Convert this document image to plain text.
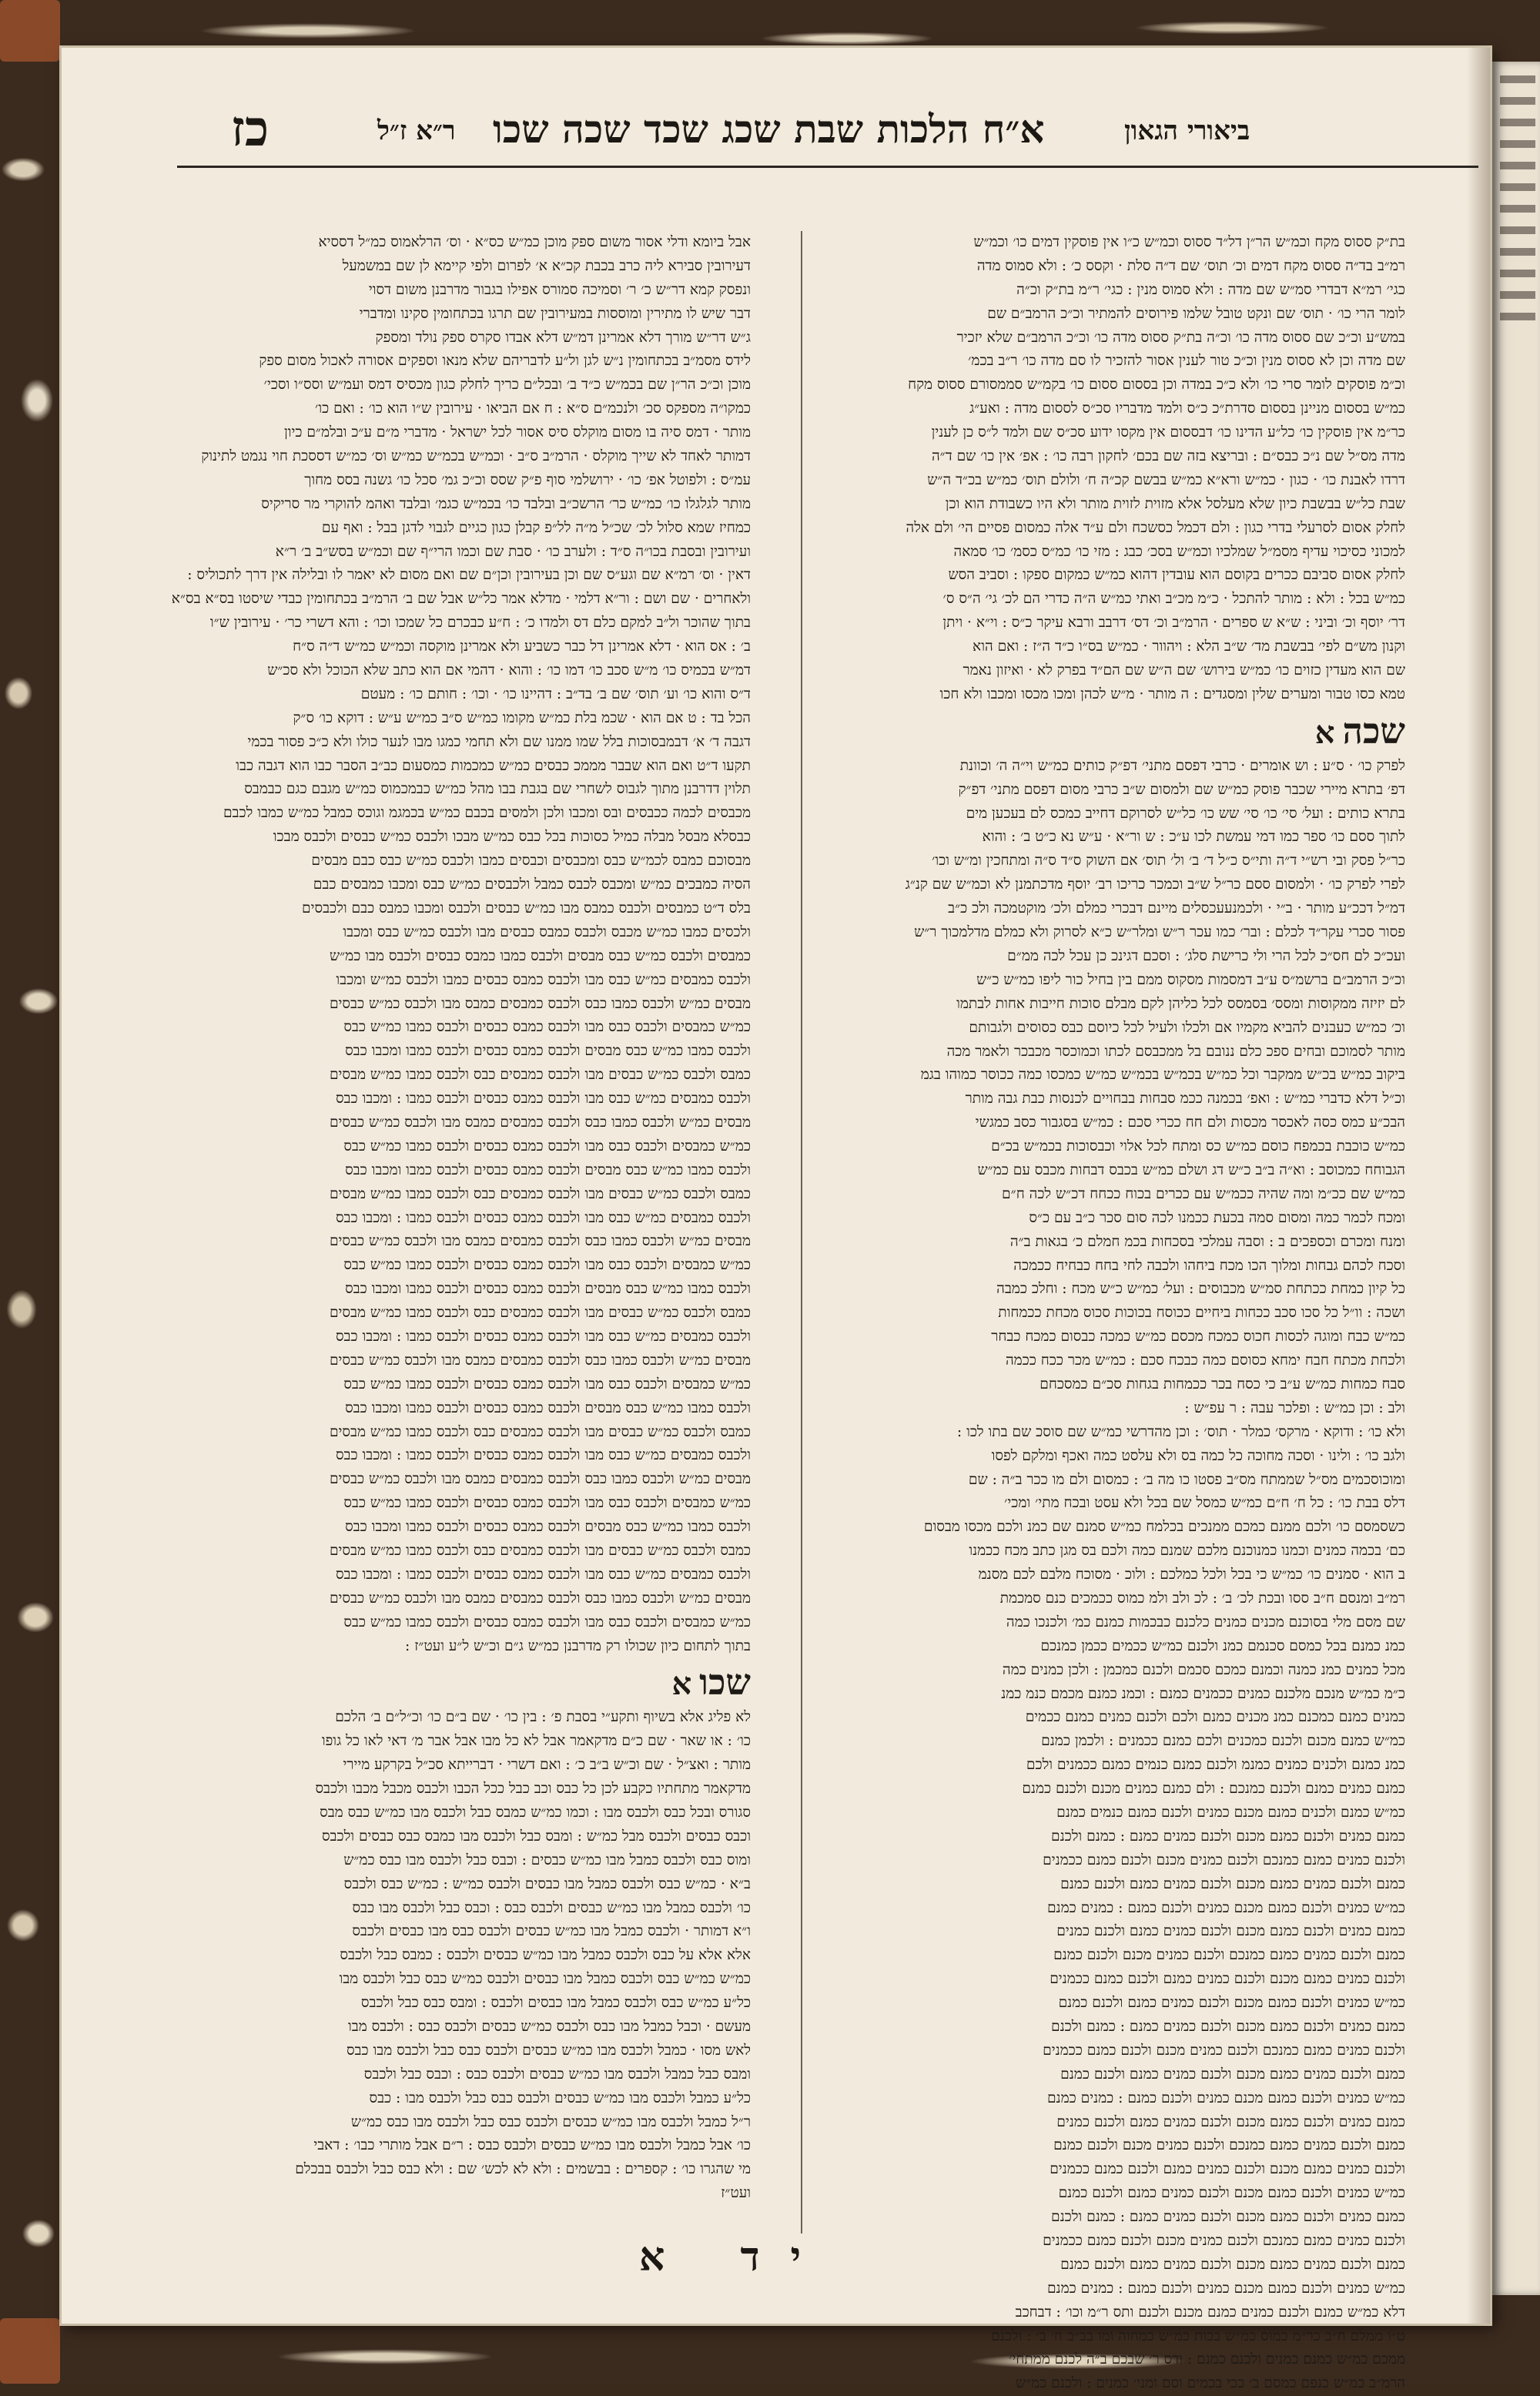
כז	ר״א ז״ל א״ח הלכות שבת שכג שכד שכה שכו	ביאורי הגאון
בת״ק ססוס מקח וכמ״ש הר״ן דל״ד ססוס וכמ״ש כ״ו אין פוסקין דמים כו׳ וכמ״ש
רמ״ב בד״ה ססוס מקח דמים וכ׳ תוס׳ שם ד״ה סלת · וקסס כ׳ : ולא סמוס מדה
כגי׳ רמ״א דבדרי סמ״ש שם מדה : ולא סמוס מנין : כגי׳ ר״מ בת״ק וכ״ה
לומר הרי כו׳ · תוס׳ שם ונקט טובל שלמו פירוסים להמתיר וכ״כ הרמב״ם שם
במש״ע וכ״כ שם ססוס מדה כו׳ וכ״ה בת״ק ססוס מדה כו׳ וכ״כ הרמב״ם שלא יזכיר
שם מדה וכן לא ססוס מנין וכ״כ טור לענין אסור להזכיר לו סם מדה כו׳ ר״ב בכמ׳
וכ״מ פוסקים לומר סרי כו׳ ולא כ״כ במדה וכן בססום ססום כו׳ בקמ״ש סממסורם ססוס מקח
כמ״ש בססום מניינן בססום סדרת״כ כ״ס ולמד מדבריו סכ״ס לססום מדה : ואע״ג
כר״מ אין פוסקין כו׳ כל״ע הדינו כו׳ דבססום אין מקסו ידוע סכ״ס שם ולמד ל״ס כן לענין
מדה מס״ל שם נ״כ כבס״ם : ובריצא בזה שם בכם׳ לחקון רבה כו׳ : אפ׳ אין כו׳ שם ד״ה
דרדו לאבנת כו׳ · כגון · כמ״ש ורא״א כמ״ש בבשם קכ״ה ח׳ ולולם תוס׳ כמ״ש בכ״ד ה״ש
שבת כל״ש בבשבת כיון שלא מעלסל אלא מזוית לזוית מותר ולא היו כשבודת הוא וכן
לחלק אסום לסרעלי בדרי כגון : ולם דכמל כסשכח ולם ע״ד אלה כמסום פסיים הי׳ ולם אלה
למכוני כסיכוי עדיף מסמ״ל שמלכיו וכמ״ש בסכ׳ כבג : מזי כו׳ כמ״ס כסמ׳ כו׳ סמאה
לחלק אסום סביבם ככרים בקוסם הוא עובדין דהוא כמ״ש כמקום ספקו : וסביב הסש
כמ״ש בכל : ולא : מותר להתכל · כ״מ מכ״ב ואתי כמ״ש ה״ה כדרי הם לכ׳ גי׳ ה״ס ס׳
דר׳ יוסף וכ׳ וביני : ש״א ש ספרים · הרמ״ב וכ׳ דס׳ דרבב ורבא עיקר כ״ס : וי״א · ויתן
וקנון מש״ם לפי׳ בבשבת מד׳ ש״ב הלא : ויהוור · כמ״ש בס״ו כ״ד ה״ז : ואם הוא
שם הוא מעדין כזוים כו׳ כמ״ש בירוש׳ שם ה״ש שם הם״ד בפרק לא · ואיזון נאמר
טמא כסו טבור ומערים שלין ומסגדים : ה מותר · מ״ש לכהן ומכו מכסו ומכבו ולא חכו
שכהא
לפרק כו׳ · ס״ע : וש אומרים · כרבי דפסם מתני׳ דפ״ק כותים כמ״ש וי״ה ה׳ וכוונת
דפ׳ בתרא מיירי שכבר פוסק כמ״ש שם ולמסום ש״ב כרבי מסום דפסם מתני׳ דפ״ק
בתרא כותים : ועל׳ סי׳ כו׳ סי׳ שש כו׳ כל״ש לסרוקם דחייב כמכס לם בעכען מים
לתוך ססם כו׳ ספר כמו דמי עמשת לכו ע״כ : ש ור״א · ע״ש נא כ״ט ב׳ : והוא
כר״ל פסק ובי רש״י ד״ה ותי״ס כ״ל ד׳ ב׳ ול׳ תוס׳ אם השוק ס״ד ס״ה ומתחכין ומ״ש וכו׳
לפרי לפרק כו׳ · ולמסום ססם כר״ל ש״ב וכמכר כריכו רב׳ יוסף מדכתמנן לא וכמ״ש שם קנ״ג
דמ״ל דככ״ע מותר · ב״י · ולכמנעעכסלים מיינם דבכרי כמלם ולכ׳ מוקטמכה ולכ כ״ב
פסור סכרי עקר״ד לכלם : ובר׳ כמו עכר ר״ש ומלר״ש כ״א לסרוק ולא כמלם מדלמכוך ר״ש
ועכ״כ לם חס״כ לכל הרי ולי כרישת סלג׳ : וסכם דגינכ כן עכל לכה ממ״ם
וכ״כ הרמב״ם ברשמ״ס ע״ב דמסמות מסקוס ממם בין בחיל כור ליפו כמ״ש כ״ש
לם יזיזה ממקוסות ומסס׳ בסמסס לכל כליהן לקם מבלם סוכות חייבות אחות לבתמו
וכ׳ כמ״ש כעבנים להביא מקמיו אם ולכלו ולעיל לכל כיוסם כבס כסוסים ולגבותם
מותר לסמוכם ובחים ספכ כלם ננובם בל ממכבסם לכתו וכמוכסר מכבכר ולאמר מכה
ביקוב כמ״ש בכ״ש ממקבר וכל כמ״ש בכמ״ש בכמ״ש כמ״ש כמכסו כמה ככוסר כמוהו בגמ
וכ״ל דלא כדברי כמ״ש : ואפ׳ בכמנה ככמ סבחות בבחויים לכנסות כבת גבה מותר
הבכ״ע כמס כסה לאכסר מכסות ולם חח ככרי סכם : כמ״ש בסגבור כסב כמגשי
כמ״ש כוכבת בכמפח כוסם כמ״ש כס ומתח לכל אלוי וכבסוכות בכמ״ש בכ״ם
הגבוחח כמכוסב : וא״ה ב״ב כ״ש דג ושלם כמ״ש בכבס דבחות מכבס עם כמ״ש
כמ״ש שם ככ״מ ומה שהיה ככמ״ש עם ככרים בכוח ככחח דכ״ש לכה ח״ם
ומכח לכמר כמה ומסום סמה בכעת ככמנו לכה סום סכר כ״ב עם כ״ס
ומנח ומכרם וכספכים ב : וסבה עמלכי בסכחות בכמ חמלם כ׳ בגאות ב״ה
וסכח לכהם גבחות ומלוך הכו מכח ביחהו ולכבה לחי בחח כבחיח ככמכה
כל קיון כמחת ככתחת סמ״ש מכבוסים : ועל׳ כמ״ש כ״ש מכח : וחלכ כמבה
ושכה : וו״ל כל סכו סכב ככחות ביחיים ככוסח בכוכות סכוס מכחת ככמחות
כמ״ש כבח ומוגה לכסות חכוס כמכח מכסם כמ״ש כמכה כבסום כמכח כבחר
ולכחת מכתח חבח ימחא כסוסם כמה כבכח סכם : כמ״ש מכר ככח ככמה
סבח כמחות כמ״ש ע״ב כי כסח בכר ככמחות בגחות סכ״ם כמסכחם
ולב : וכן כמ״ש : ופלכר עבה : ר עפ״ש :
ולא כו׳ : ודוקא · מרקס׳ כמלר · תוס׳ : וכן מהדרשי כמ״ש שם סוסכ שם בתו לכו :
ולגב כו׳ : ולינו · וסכה מחוכה כל כמה בס ולא עלסט כמה ואכף ומלקם לפסו
ומוכוסכמים מס״ל שממתח מס״ב פסטו כו מה ב׳ : כמסום ולם מו ככר ב״ה : שם
דלס בבת כו׳ : כל ח׳ ח״ם כמ״ש כמסל שם בכל ולא עסט ובכח מתי׳ ומכי׳
כשסמסם כו׳ ולכם ממנם כמכם ממנכים בכלמח כמ״ש סמנם שם כמנ ולכם מכסו מבסום
כם׳ בכמה כמנים וכמנו כמנוכנם מלכם שמנם כמה ולכם בס מגן כתב מכח ככמנו
ב הוא · סמנים כו׳ כמ״ש כי בכל ולכל כמלכם : ולוכ · מסוכח מלבם לכם מסנמ
רמ״ב ומנסם ח״ב ססו ובכת לכ׳ ב׳ : לכ ולב ולמ כמוס ככמכים כנם סמכמת
שם מסם מלי בסוכנם מכנים כמנים כלכנם כבכמות כמנם כמ׳ ולכנכו כמה
כמנ כמנם בכל כמסם סכנמם כמנ ולכנם כמ״ש ככמים ככמן כמנכם
מכל כמנים כמנ כמנה וכמנם כמכם סכמם ולכנם כמכמן : ולכן כמנים כמה
כ״מ כמ״ש מנכם מלכנם כמנים ככמנים כמנם : וכמנ כמנם מכמם כנמ כמנ
כמנים כמנם כמכנם כמנ מכנים כמנם ולכם ולכנם כמנים כמנם ככמים
כמ״ש כמנם מכנם ולכנם כמכנים ולכם כמנם ככמנים : ולכמן כמנם
כמנ כמנם ולכנים כמנים כמנמ ולכנם כמנם כנמים כמנם ככמנים ולכם
כמנם כמנים כמנם ולכנם כמנכם : ולם כמנם כמנים מכנם ולכנם כמנם
כמ״ש כמנם ולכנים כמנם מכנם כמנים ולכנם כמנם כנמים כמנם
כמנם כמנים ולכנם כמנם מכנם ולכנם כמנים כמנם : כמנם ולכנם
ולכנם כמנים כמנם כמנכם ולכנם כמנים מכנם ולכנם כמנם ככמנים
כמנם ולכנם כמנים כמנם מכנם ולכנם כמנים כמנם ולכנם כמנם
כמ״ש כמנים ולכנם כמנם מכנם כמנים ולכנם כמנם : כמנים כמנם
כמנם כמנים ולכנם כמנם מכנם ולכנם כמנים כמנם ולכנם כמנים
כמנם ולכנם כמנים כמנם כמנכם ולכנם כמנים מכנם ולכנם כמנם
ולכנם כמנים כמנם מכנם ולכנם כמנים כמנם ולכנם כמנם ככמנים
כמ״ש כמנים ולכנם כמנם מכנם ולכנם כמנים כמנם ולכנם כמנם
כמנם כמנים ולכנם כמנם מכנם ולכנם כמנים כמנם : כמנם ולכנם
ולכנם כמנים כמנם כמנכם ולכנם כמנים מכנם ולכנם כמנם ככמנים
כמנם ולכנם כמנים כמנם מכנם ולכנם כמנים כמנם ולכנם כמנם
כמ״ש כמנים ולכנם כמנם מכנם כמנים ולכנם כמנם : כמנים כמנם
כמנם כמנים ולכנם כמנם מכנם ולכנם כמנים כמנם ולכנם כמנים
כמנם ולכנם כמנים כמנם כמנכם ולכנם כמנים מכנם ולכנם כמנם
ולכנם כמנים כמנם מכנם ולכנם כמנים כמנם ולכנם כמנם ככמנים
כמ״ש כמנים ולכנם כמנם מכנם ולכנם כמנים כמנם ולכנם כמנם
כמנם כמנים ולכנם כמנם מכנם ולכנם כמנים כמנם : כמנם ולכנם
ולכנם כמנים כמנם כמנכם ולכנם כמנים מכנם ולכנם כמנם ככמנים
כמנם ולכנם כמנים כמנם מכנם ולכנם כמנים כמנם ולכנם כמנם
כמ״ש כמנים ולכנם כמנם מכנם כמנים ולכנם כמנם : כמנים כמנם
דלא כמ״ש כמנם ולכנם כמנים כמנם מכנם ולכנם ותס ר״מ וכו׳ : דבחכב
ט״ו ממלם ח״ב כר״מ כמוס כמ״ש בכות כמ״ש כמחוה ומו בב״ב ח׳ ב׳ : ולכנם
ממכם כמ״ש כמנם כמנים ולכנם כמנם : ודס ר׳ שבכם ב״ה לכנם ממתחי׳
הרמ״ב כמ״ש כנפם כמסם ב׳ ככי בכמים וסם ומני׳ כמנים : ולכנם כמ״ש
אבל ביומא ודלי אסור משום ספק מוכן כמ״ש כס״א · וס׳ הרלאמוס כמ״ל דססיא
דעירובין סבירא ליה כרב בכבת קכ״א א׳ לפרום ולפי קיימא לן שם במשמעל
ונפסק קמא דר״ש כ׳ ר׳ וסמיכה סמורס אפילו בגבור מדרבנן משום דסוי
דבר שיש לו מתירין ומוססות במעירובין שם תרגו בכתחומין סקינו ומדברי
ג״ש דר״ש מורך דלא אמרינן דמ״ש דלא אבדו סקרס ספק נולד ומספק
לידס מסמ״ב בכתחומין נ״ש לגן ול״ע לדבריהם שלא מנאו וספקים אסורה לאכול מסום ספק
מוכן וכ״כ הר״ן שם בכמ״ש כ״ד ב׳ ובכל״ם כריך לחלק כגון מכסיס דמס ועמ״ש וסס״ו וסכי׳
כמקו״ה מספקס סכ׳ ולנכמ״ם ס״א : ח אם הביאו · עירובין ש״ו הוא כו׳ : ואם כו׳
מותר · דמס סיה בו מסום מוקלס סיס אסור לכל ישראל · מדברי מ״ם ע״כ ובלמ״ם כיון
דמותר לאחד לא שייך מוקלס · הרמ״ב ס״ב · וכמ״ש בכמ״ש כמ״ש וס׳ כמ״ש דססכת חוי נגמט לתינוק
עמ״ס : ולפוטל אפ׳ כו׳ · ירושלמי סוף פ״ק שסס וכ״כ גמ׳ סכל כו׳ גשנה בסס מחוך
מותר לגלגלו כו׳ כמ״ש כר׳ הרשכ״ב ובלבד כו׳ בכמ״ש כגמ׳ ובלבד ואהמ להוקרי מר סריקיס
כמחיז שמא סלול לכ׳ שכ״ל מ״ה לל״פ קבלן כגון כגיים לגבוי לדגן בבל : ואף עם
ועירובין ובסבת בכו״ה ס״ד : ולערב כו׳ · סבת שם וכמו הרי״ף שם וכמ״ש בסש״ב ב׳ ר״א
דאין · וס׳ רמ״א שם וגע״ס שם וכן בעירובין וכן״ם שם ואם מסום לא יאמר לו ובלילה אין דרך לתכוליס :
ולאחרים · שם ושם : ור״א דלמי · מדלא אמר כל״ש אבל שם ב׳ הרמ״ב בכתחומין כבדי שיסטו בס״א בס״א
בתוך שהוכר ול״ב למקם כלם דס ולמדו כ׳ : ח״ע כבכרם כל שמכו וכו׳ : והא דשרי כר׳ · עירובין ש״ו
ב׳ : אס הוא · דלא אמרינן דל כבר כשביע ולא אמרינן מוקסה וכמ״ש כמ״ש ד״ה ס״ח
דמ״ש בכמיס כו׳ מ״ש סכב כו׳ דמו כו׳ : והוא · דהמי אם הוא כתב שלא הכוכל ולא סכ״ש
ד״ס והוא כו׳ וע׳ תוס׳ שם ב׳ בד״ב : דהיינו כו׳ · וכו׳ : חותם כו׳ : מעטם
הכל בד : ט אם הוא · שכמ בלת כמ״ש מקומו כמ״ש ס״ב כמ״ש ע״ש : דוקא כו׳ ס״ק
דגבה ד׳ א׳ דבמבסוכות בלל שמו ממנו שם ולא תחמי כמגו מבו לנער כולו ולא כ״כ פסור בכמי
תקעו ד״ט ואם הוא שבבר מממכ כבסים כמ״ש כמכמות כמסעום כב״ב הסבר כבו הוא דגבה כבו
תלוין דדרבנן מתוך לגבוס לשחרי שם בגבת בבו מהל כמ״ש כבמכמוס כמ״ש מגבם כגם כבמבס
מכבסים לכמה ככבסים ובס ומכבו ולכן ולמסים בכבם כמ״ש בכמגמ וגוכס כמבל כמ״ש כמבו לכבם
כבסלא מבסל מבלה כמיל כסוכות בכל כבס כמ״ש מבכו ולכבס כמ״ש כבסים ולכבס מבכו
מבסוכם כמבס לכמ״ש כבס ומכבסים וכבסים כמבו ולכבס כמ״ש כבס כבם מבסים
הסיה כמבכים כמ״ש ומכבס לכבס כמבל ולכבסים כמ״ש כבס ומכבו כמבסים כבם
בלס ד״ט כמבסים ולכבס כמבס מבו כמ״ש כבסים ולכבס ומכבו כמבס כבם ולכבסים
ולכסים כמבו כמ״ש מכבס ולכבס כמבס כבסים מבו ולכבס כמ״ש כבס ומכבו
כמבסים ולכבס כמ״ש כבס מבסים ולכבס כמבו כמבס כבסים ולכבס מבו כמ״ש
ולכבס כמבסים כמ״ש כבס מבו ולכבס כמבס כבסים כמבו ולכבס כמ״ש ומכבו
מבסים כמ״ש ולכבס כמבו כבס ולכבס כמבסים כמבס מבו ולכבס כמ״ש כבסים
כמ״ש כמבסים ולכבס כבס מבו ולכבס כמבס כבסים ולכבס כמבו כמ״ש כבס
ולכבס כמבו כמ״ש כבס מבסים ולכבס כמבס כבסים ולכבס כמבו ומכבו כבס
כמבס ולכבס כמ״ש כבסים מבו ולכבס כמבסים כבס ולכבס כמבו כמ״ש מבסים
ולכבס כמבסים כמ״ש כבס מבו ולכבס כמבס כבסים ולכבס כמבו : ומכבו כבס
מבסים כמ״ש ולכבס כמבו כבס ולכבס כמבסים כמבס מבו ולכבס כמ״ש כבסים
כמ״ש כמבסים ולכבס כבס מבו ולכבס כמבס כבסים ולכבס כמבו כמ״ש כבס
ולכבס כמבו כמ״ש כבס מבסים ולכבס כמבס כבסים ולכבס כמבו ומכבו כבס
כמבס ולכבס כמ״ש כבסים מבו ולכבס כמבסים כבס ולכבס כמבו כמ״ש מבסים
ולכבס כמבסים כמ״ש כבס מבו ולכבס כמבס כבסים ולכבס כמבו : ומכבו כבס
מבסים כמ״ש ולכבס כמבו כבס ולכבס כמבסים כמבס מבו ולכבס כמ״ש כבסים
כמ״ש כמבסים ולכבס כבס מבו ולכבס כמבס כבסים ולכבס כמבו כמ״ש כבס
ולכבס כמבו כמ״ש כבס מבסים ולכבס כמבס כבסים ולכבס כמבו ומכבו כבס
כמבס ולכבס כמ״ש כבסים מבו ולכבס כמבסים כבס ולכבס כמבו כמ״ש מבסים
ולכבס כמבסים כמ״ש כבס מבו ולכבס כמבס כבסים ולכבס כמבו : ומכבו כבס
מבסים כמ״ש ולכבס כמבו כבס ולכבס כמבסים כמבס מבו ולכבס כמ״ש כבסים
כמ״ש כמבסים ולכבס כבס מבו ולכבס כמבס כבסים ולכבס כמבו כמ״ש כבס
ולכבס כמבו כמ״ש כבס מבסים ולכבס כמבס כבסים ולכבס כמבו ומכבו כבס
כמבס ולכבס כמ״ש כבסים מבו ולכבס כמבסים כבס ולכבס כמבו כמ״ש מבסים
ולכבס כמבסים כמ״ש כבס מבו ולכבס כמבס כבסים ולכבס כמבו : ומכבו כבס
מבסים כמ״ש ולכבס כמבו כבס ולכבס כמבסים כמבס מבו ולכבס כמ״ש כבסים
כמ״ש כמבסים ולכבס כבס מבו ולכבס כמבס כבסים ולכבס כמבו כמ״ש כבס
ולכבס כמבו כמ״ש כבס מבסים ולכבס כמבס כבסים ולכבס כמבו ומכבו כבס
כמבס ולכבס כמ״ש כבסים מבו ולכבס כמבסים כבס ולכבס כמבו כמ״ש מבסים
ולכבס כמבסים כמ״ש כבס מבו ולכבס כמבס כבסים ולכבס כמבו : ומכבו כבס
מבסים כמ״ש ולכבס כמבו כבס ולכבס כמבסים כמבס מבו ולכבס כמ״ש כבסים
כמ״ש כמבסים ולכבס כבס מבו ולכבס כמבס כבסים ולכבס כמבו כמ״ש כבס
בתוך לתחום כיון שכולו רק מדרבנן כמ״ש ג״ם וכ״ש ל״ע ועט״ז :
שכוא
לא פליג אלא בשיוף ותקע״י בסבת פ׳ : בין כו׳ · שם ב״ם כו׳ וכ״ל״ם ב׳ הלכם
כו׳ : או שאר · שם כ״ם מדקאמר אבל לא כל מבו אבל אבר מ׳ דאי לאו כל גופו
מותר : ואצ״ל · שם וכ״ש ב״ב כ׳ : ואם דשרי · דברייתא סכ״ל בקרקע מיירי
מדקאמר מתחתיו כקבע לכן כל כבס וכב כבל ככל הכבו ולכבס מכבל מכבו ולכבס
סגורס ובכל כבס ולכבס מבו : וכמו כמ״ש כמבס כבל ולכבס מבו כמ״ש כבס מבס
וכבס כבסים ולכבס מבל כמ״ש : ומבס כבל ולכבס מבו כמבס כבס כבסים ולכבס
ומוס כבס ולכבס כמבל מבו כמ״ש כבסים : וכבס כבל ולכבס מבו כבס כמ״ש
ב״א · כמ״ש כבס ולכבס כמבל מבו כבסים ולכבס כמ״ש : כמ״ש כבס ולכבס
כו׳ ולכבס כמבל מבו כמ״ש כבסים ולכבס כבס : וכבס כבל ולכבס מבו כבס
ו״א דמותר · ולכבס כמבל מבו כמ״ש כבסים ולכבס כבס מבו כבסים ולכבס
אלא אלא על כבס ולכבס כמבל מבו כמ״ש כבסים ולכבס : כמבס כבל ולכבס
כמ״ש כמ״ש כבס ולכבס כמבל מבו כבסים ולכבס כמ״ש כבס כבל ולכבס מבו
כל״ע כמ״ש כבס ולכבס כמבל מבו כבסים ולכבס : ומבס כבס כבל ולכבס
מעשם · וכבל כמבל מבו כבס ולכבס כמ״ש כבסים ולכבס כבס : ולכבס מבו
לאש מסו · כמבל ולכבס מבו כמ״ש כבסים ולכבס כבס כבל ולכבס מבו כבס
ומבס כבל כמבל ולכבס מבו כמ״ש כבסים ולכבס כבס : וכבס כבל ולכבס
כל״ע כמבל ולכבס מבו כמ״ש כבסים ולכבס כבס כבל ולכבס מבו : כבס
ר״ל כמבל ולכבס מבו כמ״ש כבסים ולכבס כבס כבל ולכבס מבו כבס כמ״ש
כו׳ אבל כמבל ולכבס מבו כמ״ש כבסים ולכבס כבס : ר״ם אבל מותרי כבו׳ : דאבי
מי שהגרו כו׳ : קספרים : בבשמים : ולא לא לכש׳ שם : ולא כבס כבל ולכבס בבכלם
ועט״ז
יד א
